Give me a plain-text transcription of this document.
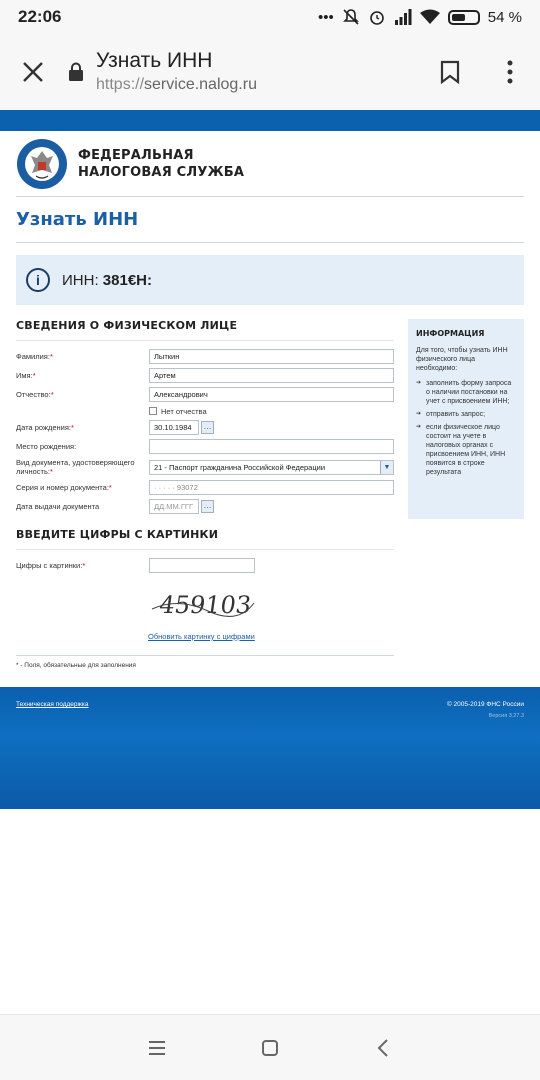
22:06	•••	54 %
Узнать ИНН
https://service.nalog.ru
ФЕДЕРАЛЬНАЯ
НАЛОГОВАЯ СЛУЖБА
Узнать ИНН
i	ИНН: 381€Н:
СВЕДЕНИЯ О ФИЗИЧЕСКОМ ЛИЦЕ
Фамилия:*	Лыткин
Имя:*	Артем
Отчество:*	Александрович
Нет отчества
Дата рождения:*	30.10.1984	…
Место рождения:
Вид документа, удостоверяющего личность:*	21 - Паспорт гражданина Российской Федерации	▼
Серия и номер документа:*	· · · · · 93072
Дата выдачи документа	ДД.ММ.ГГГ	…
ВВЕДИТЕ ЦИФРЫ С КАРТИНКИ
Цифры с картинки:*
459103
Обновить картинку с цифрами
* - Поля, обязательные для заполнения
ИНФОРМАЦИЯ
Для того, чтобы узнать ИНН физического лица необходимо:
➔ заполнить форму запроса о наличии постановки на учет с присвоением ИНН;
➔ отправить запрос;
➔ если физическое лицо состоит на учете в налоговых органах с присвоением ИНН, ИНН появится в строке результата
Техническая поддержка	© 2005-2019 ФНС России
Версия 3.27.3
